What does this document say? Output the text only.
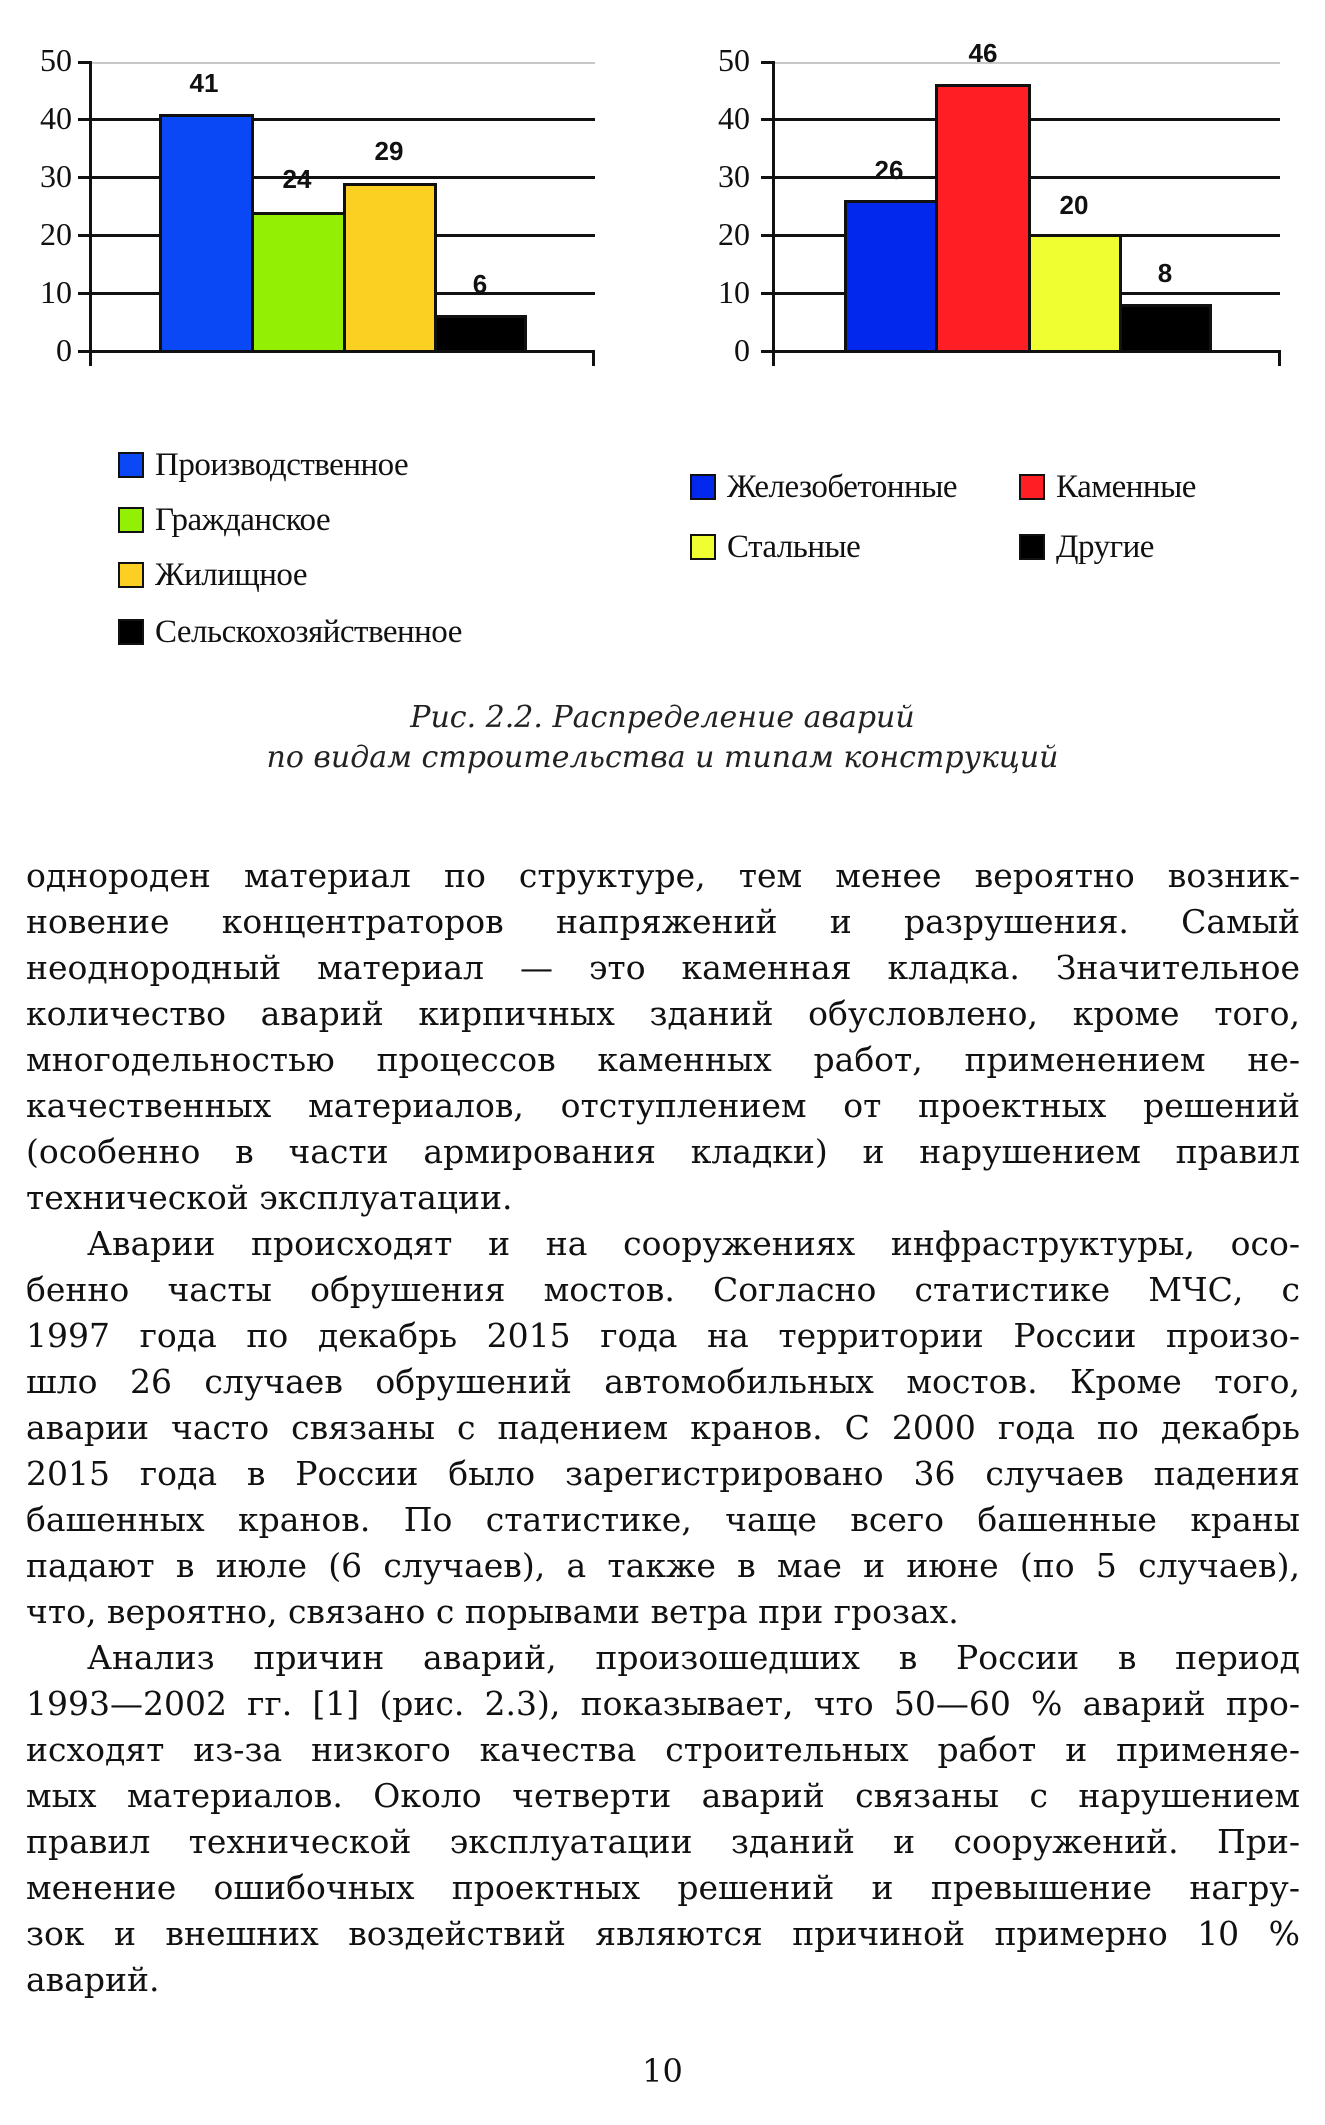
50
40
30
20
10
0
41
24
29
6
50
40
30
20
10
0
26
46
20
8
Производственное
Гражданское
Жилищное
Сельскохозяйственное
Железобетонные	Каменные
Стальные	Другие
Рис. 2.2. Распределение аварий
по видам строительства и типам конструкций
однороден материал по структуре, тем менее вероятно возник-
новение концентраторов напряжений и разрушения. Самый
неоднородный материал — это каменная кладка. Значительное
количество аварий кирпичных зданий обусловлено, кроме того,
многодельностью процессов каменных работ, применением не-
качественных материалов, отступлением от проектных решений
(особенно в части армирования кладки) и нарушением правил
технической эксплуатации.
Аварии происходят и на сооружениях инфраструктуры, осо-
бенно часты обрушения мостов. Согласно статистике МЧС, с
1997 года по декабрь 2015 года на территории России произо-
шло 26 случаев обрушений автомобильных мостов. Кроме того,
аварии часто связаны с падением кранов. С 2000 года по декабрь
2015 года в России было зарегистрировано 36 случаев падения
башенных кранов. По статистике, чаще всего башенные краны
падают в июле (6 случаев), а также в мае и июне (по 5 случаев),
что, вероятно, связано с порывами ветра при грозах.
Анализ причин аварий, произошедших в России в период
1993—2002 гг. [1] (рис. 2.3), показывает, что 50—60 % аварий про-
исходят из-за низкого качества строительных работ и применяе-
мых материалов. Около четверти аварий связаны с нарушением
правил технической эксплуатации зданий и сооружений. При-
менение ошибочных проектных решений и превышение нагру-
зок и внешних воздействий являются причиной примерно 10 %
аварий.
10
